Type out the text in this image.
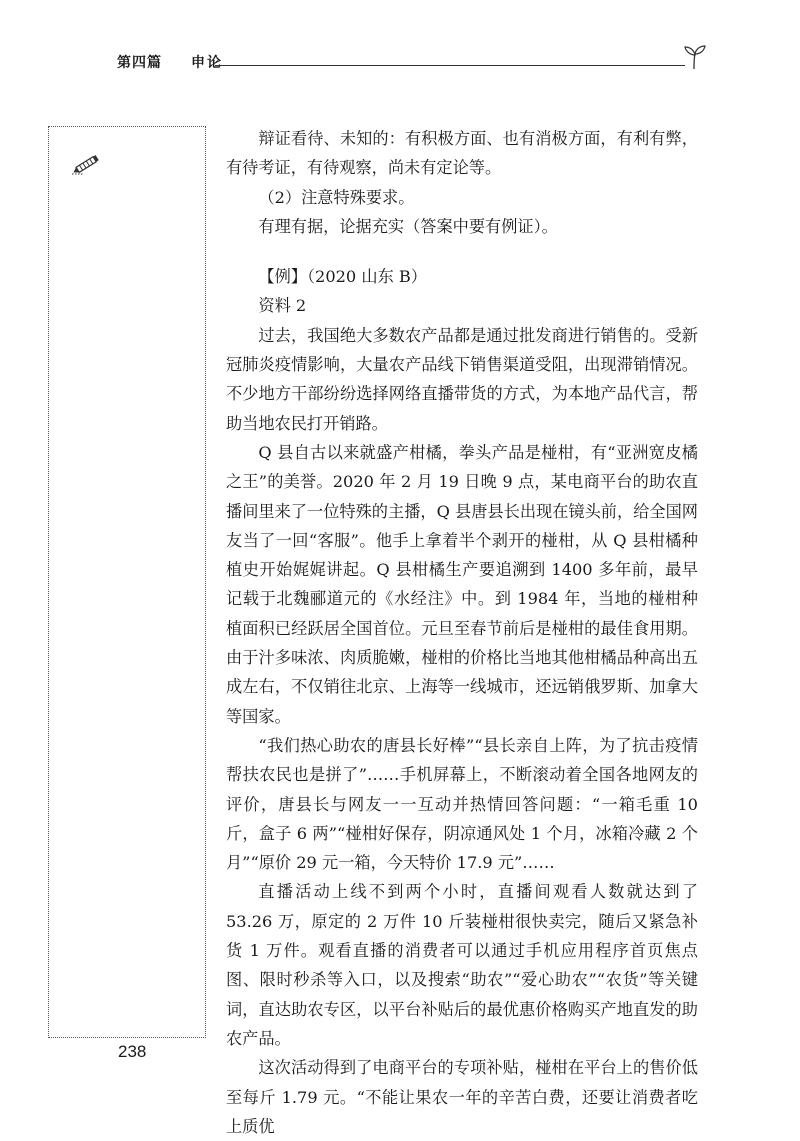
第四篇 申论

辩证看待、未知的：有积极方面、也有消极方面，有利有弊，有待考证，有待观察，尚未有定论等。

（2）注意特殊要求。

有理有据，论据充实（答案中要有例证）。

【例】（2020 山东 B）

资料 2

过去，我国绝大多数农产品都是通过批发商进行销售的。受新冠肺炎疫情影响，大量农产品线下销售渠道受阻，出现滞销情况。不少地方干部纷纷选择网络直播带货的方式，为本地产品代言，帮助当地农民打开销路。

Q 县自古以来就盛产柑橘，拳头产品是椪柑，有“亚洲宽皮橘之王”的美誉。2020 年 2 月 19 日晚 9 点，某电商平台的助农直播间里来了一位特殊的主播，Q 县唐县长出现在镜头前，给全国网友当了一回“客服”。他手上拿着半个剥开的椪柑，从 Q 县柑橘种植史开始娓娓讲起。Q 县柑橘生产要追溯到 1400 多年前，最早记载于北魏郦道元的《水经注》中。到 1984 年，当地的椪柑种植面积已经跃居全国首位。元旦至春节前后是椪柑的最佳食用期。由于汁多味浓、肉质脆嫩，椪柑的价格比当地其他柑橘品种高出五成左右，不仅销往北京、上海等一线城市，还远销俄罗斯、加拿大等国家。

“我们热心助农的唐县长好棒”“县长亲自上阵，为了抗击疫情帮扶农民也是拼了”……手机屏幕上，不断滚动着全国各地网友的评价，唐县长与网友一一互动并热情回答问题：“一箱毛重 10 斤，盒子 6 两”“椪柑好保存，阴凉通风处 1 个月，冰箱冷藏 2 个月”“原价 29 元一箱，今天特价 17.9 元”……

直播活动上线不到两个小时，直播间观看人数就达到了 53.26 万，原定的 2 万件 10 斤装椪柑很快卖完，随后又紧急补货 1 万件。观看直播的消费者可以通过手机应用程序首页焦点图、限时秒杀等入口，以及搜索“助农”“爱心助农”“农货”等关键词，直达助农专区，以平台补贴后的最优惠价格购买产地直发的助农产品。

这次活动得到了电商平台的专项补贴，椪柑在平台上的售价低至每斤 1.79 元。“不能让果农一年的辛苦白费，还要让消费者吃上质优

238
